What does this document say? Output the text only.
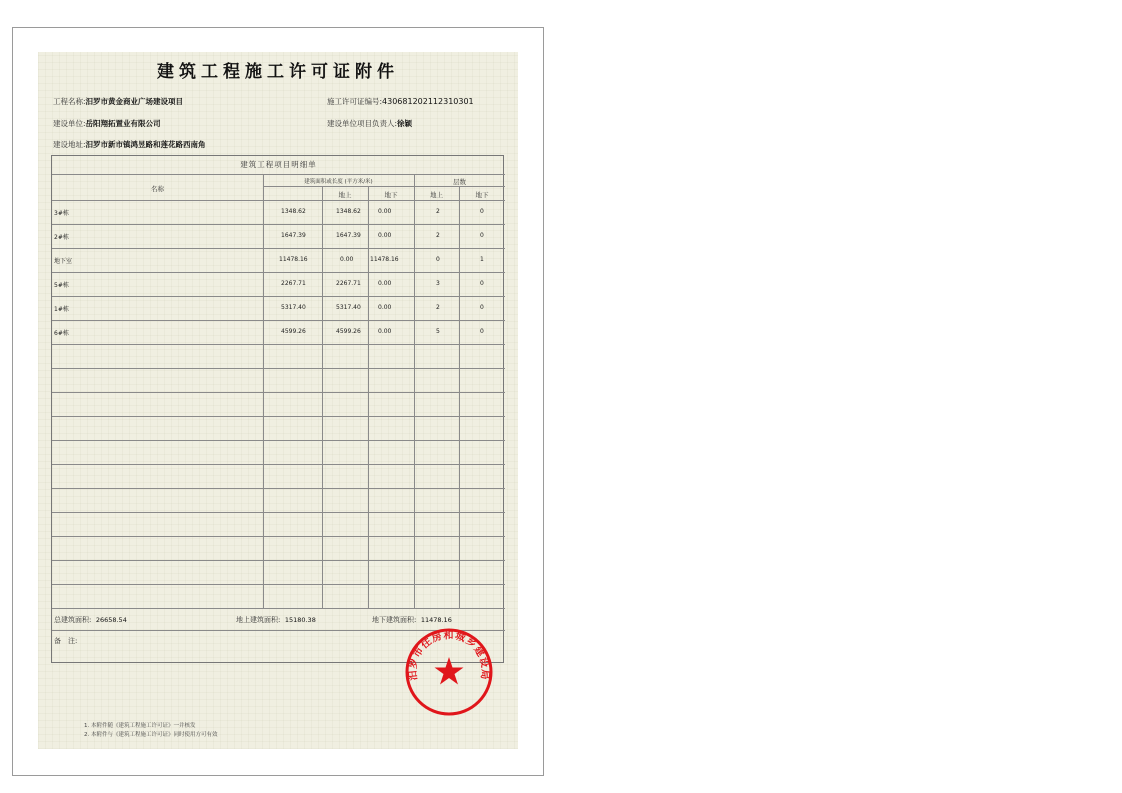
建筑工程施工许可证附件
工程名称:汨罗市黄金商业广场建设项目	施工许可证编号:430681202112310301
建设单位:岳阳翔拓置业有限公司	建设单位项目负责人:徐颖
建设地址:汨罗市新市镇鸿昱路和莲花路西南角
建筑工程项目明细单
名称
建筑面积或长度 (平方米/米)
地上	地下
层数
地上	地下
3#栋	1348.62	1348.62	0.00	2	0
2#栋	1647.39	1647.39	0.00	2	0
地下室	11478.16	0.00	11478.16	0	1
5#栋	2267.71	2267.71	0.00	3	0
1#栋	5317.40	5317.40	0.00	2	0
6#栋	4599.26	4599.26	0.00	5	0
总建筑面积: 26658.54	地上建筑面积: 15180.38	地下建筑面积: 11478.16
备　注:
1. 本附件随《建筑工程施工许可证》一并核发
2. 本附件与《建筑工程施工许可证》同时使用方可有效
汨罗市住房和城乡建设局
